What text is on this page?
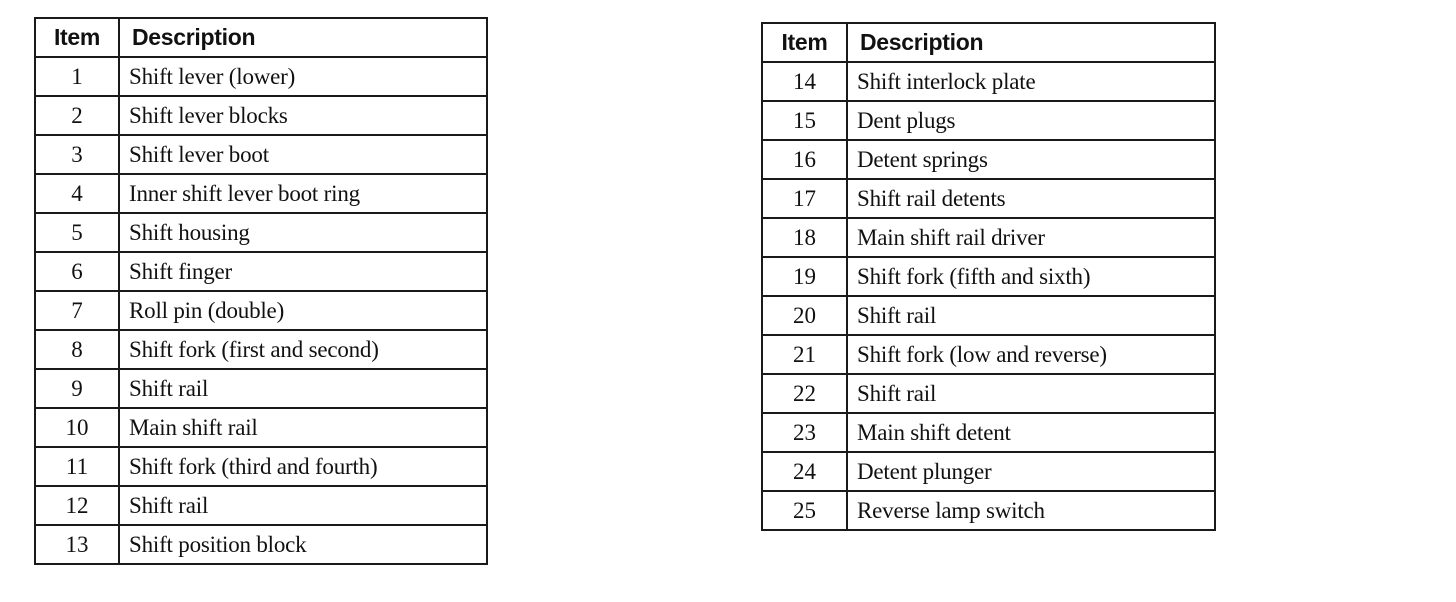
Item	Description
1	Shift lever (lower)
2	Shift lever blocks
3	Shift lever boot
4	Inner shift lever boot ring
5	Shift housing
6	Shift finger
7	Roll pin (double)
8	Shift fork (first and second)
9	Shift rail
10	Main shift rail
11	Shift fork (third and fourth)
12	Shift rail
13	Shift position block
Item	Description
14	Shift interlock plate
15	Dent plugs
16	Detent springs
17	Shift rail detents
18	Main shift rail driver
19	Shift fork (fifth and sixth)
20	Shift rail
21	Shift fork (low and reverse)
22	Shift rail
23	Main shift detent
24	Detent plunger
25	Reverse lamp switch
